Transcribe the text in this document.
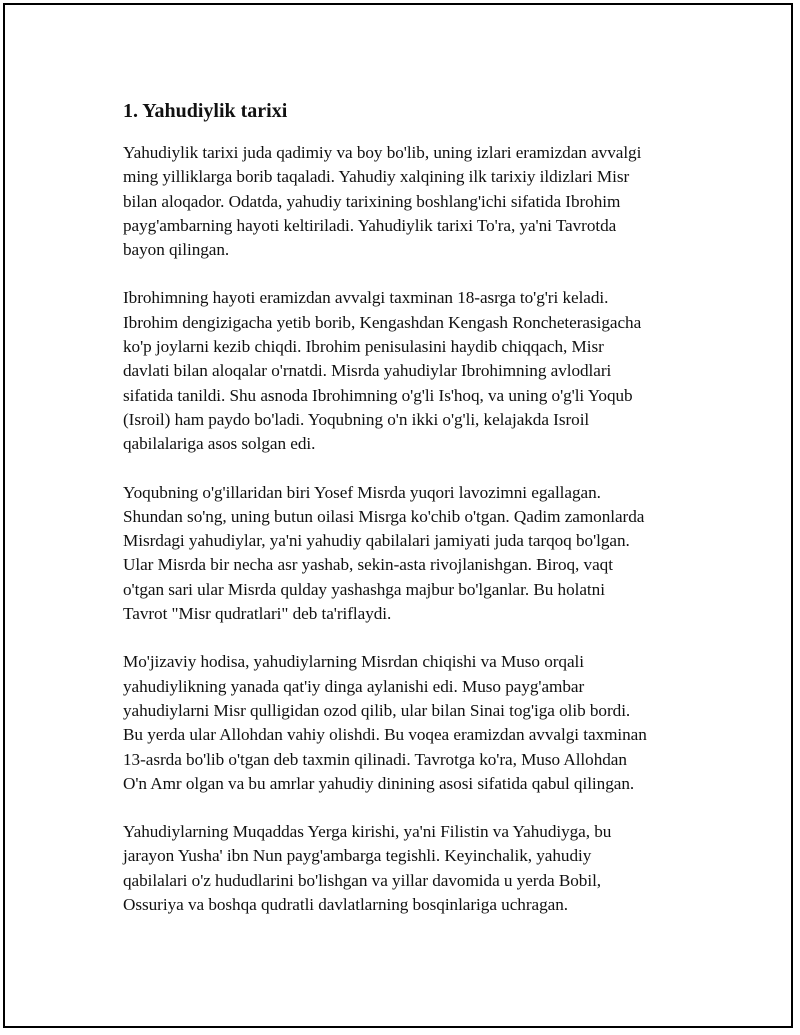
1. Yahudiylik tarixi

Yahudiylik tarixi juda qadimiy va boy bo'lib, uning izlari eramizdan avvalgi
ming yilliklarga borib taqaladi. Yahudiy xalqining ilk tarixiy ildizlari Misr
bilan aloqador. Odatda, yahudiy tarixining boshlang'ichi sifatida Ibrohim
payg'ambarning hayoti keltiriladi. Yahudiylik tarixi To'ra, ya'ni Tavrotda
bayon qilingan.

Ibrohimning hayoti eramizdan avvalgi taxminan 18-asrga to'g'ri keladi.
Ibrohim dengizigacha yetib borib, Kengashdan Kengash Roncheterasigacha
ko'p joylarni kezib chiqdi. Ibrohim penisulasini haydib chiqqach, Misr
davlati bilan aloqalar o'rnatdi. Misrda yahudiylar Ibrohimning avlodlari
sifatida tanildi. Shu asnoda Ibrohimning o'g'li Is'hoq, va uning o'g'li Yoqub
(Isroil) ham paydo bo'ladi. Yoqubning o'n ikki o'g'li, kelajakda Isroil
qabilalariga asos solgan edi.

Yoqubning o'g'illaridan biri Yosef Misrda yuqori lavozimni egallagan.
Shundan so'ng, uning butun oilasi Misrga ko'chib o'tgan. Qadim zamonlarda
Misrdagi yahudiylar, ya'ni yahudiy qabilalari jamiyati juda tarqoq bo'lgan.
Ular Misrda bir necha asr yashab, sekin-asta rivojlanishgan. Biroq, vaqt
o'tgan sari ular Misrda qulday yashashga majbur bo'lganlar. Bu holatni
Tavrot "Misr qudratlari" deb ta'riflaydi.

Mo'jizaviy hodisa, yahudiylarning Misrdan chiqishi va Muso orqali
yahudiylikning yanada qat'iy dinga aylanishi edi. Muso payg'ambar
yahudiylarni Misr qulligidan ozod qilib, ular bilan Sinai tog'iga olib bordi.
Bu yerda ular Allohdan vahiy olishdi. Bu voqea eramizdan avvalgi taxminan
13-asrda bo'lib o'tgan deb taxmin qilinadi. Tavrotga ko'ra, Muso Allohdan
O'n Amr olgan va bu amrlar yahudiy dinining asosi sifatida qabul qilingan.

Yahudiylarning Muqaddas Yerga kirishi, ya'ni Filistin va Yahudiyga, bu
jarayon Yusha' ibn Nun payg'ambarga tegishli. Keyinchalik, yahudiy
qabilalari o'z hududlarini bo'lishgan va yillar davomida u yerda Bobil,
Ossuriya va boshqa qudratli davlatlarning bosqinlariga uchragan.
